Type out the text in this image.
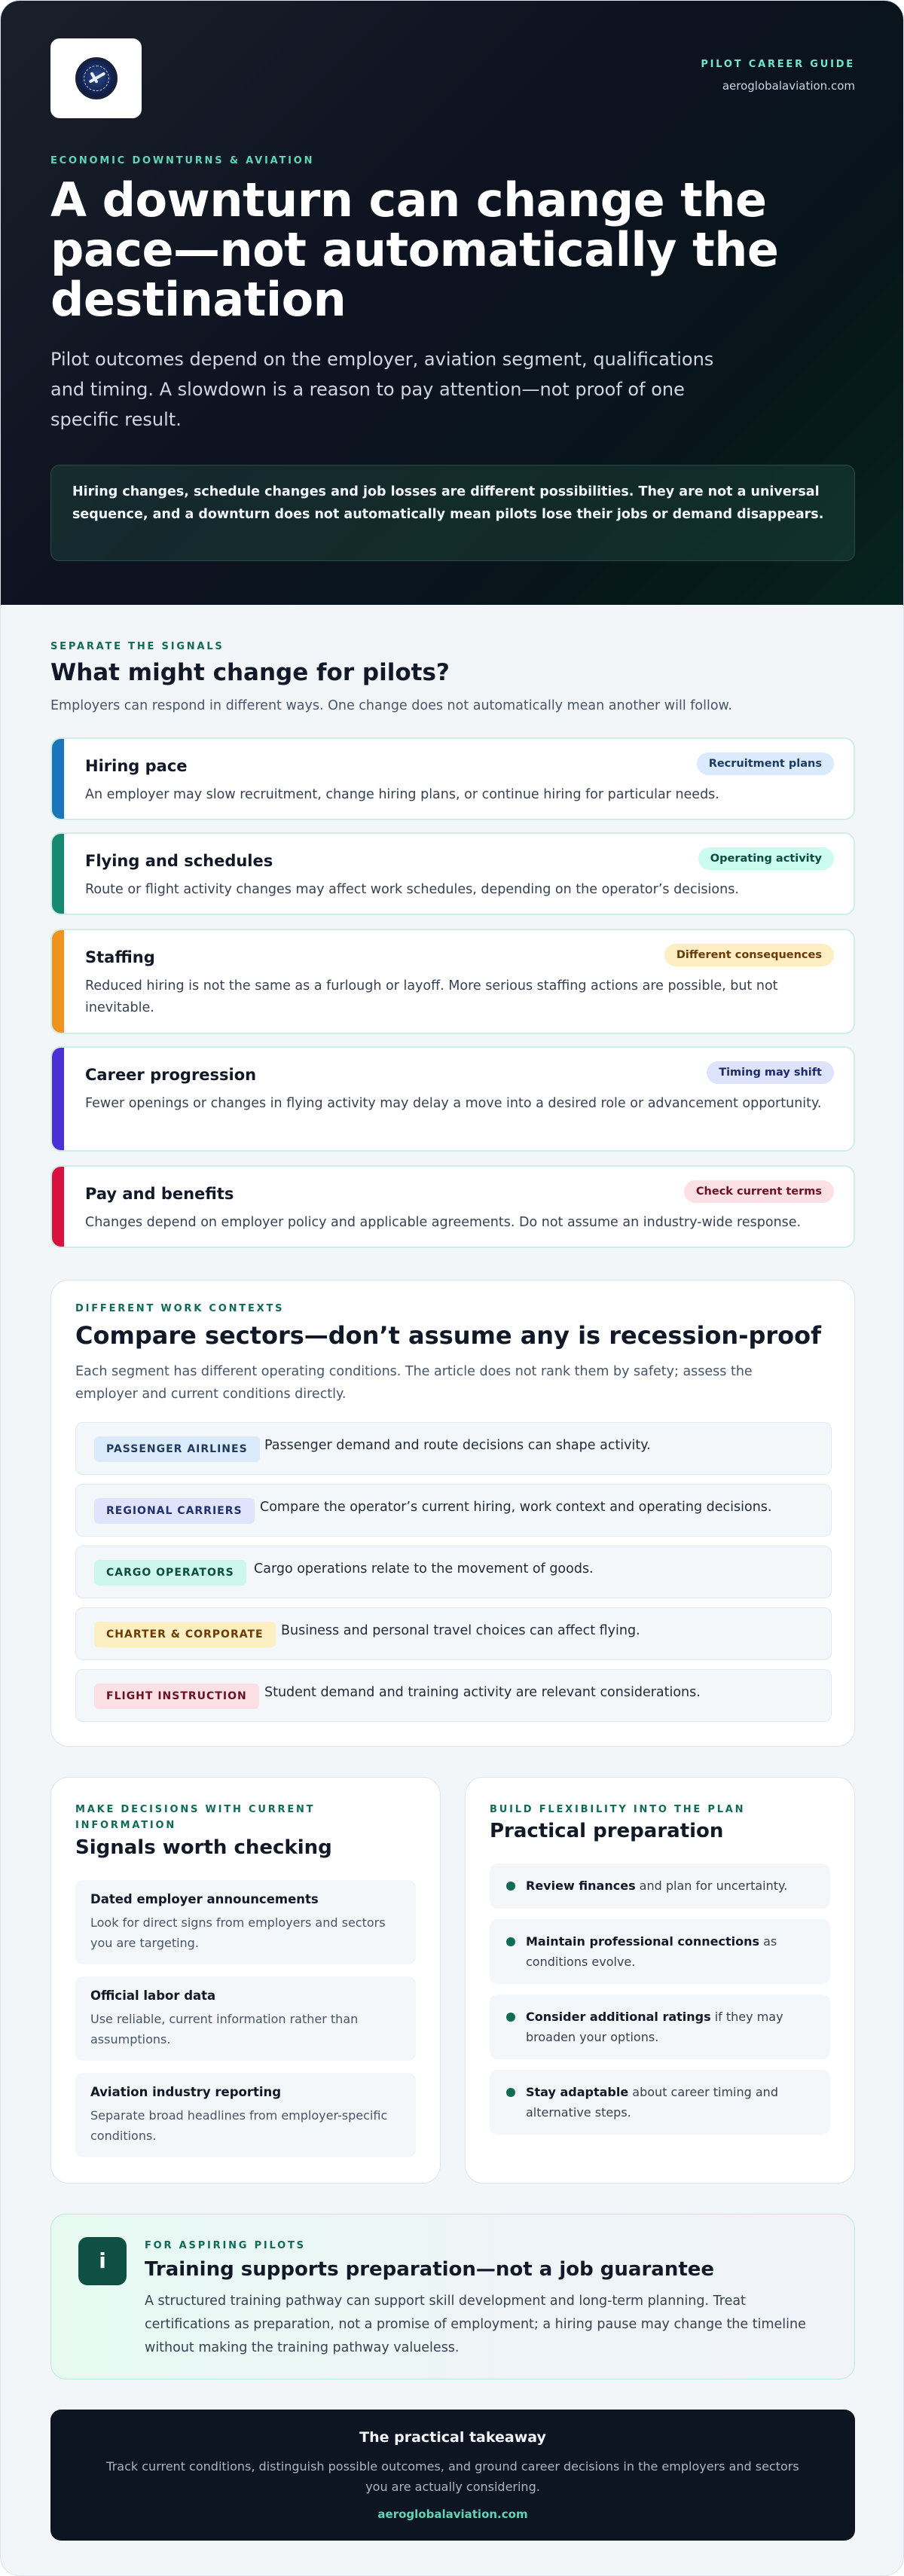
PILOT CAREER GUIDE
aeroglobalaviation.com
ECONOMIC DOWNTURNS & AVIATION
A downturn can change the pace—not automatically the destination

Pilot outcomes depend on the employer, aviation segment, qualifications and timing. A slowdown is a reason to pay attention—not proof of one specific result.

Hiring changes, schedule changes and job losses are different possibilities. They are not a universal sequence, and a downturn does not automatically mean pilots lose their jobs or demand disappears.
SEPARATE THE SIGNALS
What might change for pilots?

Employers can respond in different ways. One change does not automatically mean another will follow.

Hiring pace	Recruitment plans
An employer may slow recruitment, change hiring plans, or continue hiring for particular needs.
Flying and schedules	Operating activity
Route or flight activity changes may affect work schedules, depending on the operator’s decisions.
Staffing	Different consequences
Reduced hiring is not the same as a furlough or layoff. More serious staffing actions are possible, but not inevitable.
Career progression	Timing may shift
Fewer openings or changes in flying activity may delay a move into a desired role or advancement opportunity.
Pay and benefits	Check current terms
Changes depend on employer policy and applicable agreements. Do not assume an industry-wide response.
DIFFERENT WORK CONTEXTS
Compare sectors—don’t assume any is recession-proof

Each segment has different operating conditions. The article does not rank them by safety; assess the employer and current conditions directly.

PASSENGER AIRLINES	Passenger demand and route decisions can shape activity.
REGIONAL CARRIERS	Compare the operator’s current hiring, work context and operating decisions.
CARGO OPERATORS	Cargo operations relate to the movement of goods.
CHARTER & CORPORATE	Business and personal travel choices can affect flying.
FLIGHT INSTRUCTION	Student demand and training activity are relevant considerations.
MAKE DECISIONS WITH CURRENT INFORMATION
Signals worth checking
Dated employer announcements
Look for direct signs from employers and sectors you are targeting.
Official labor data
Use reliable, current information rather than assumptions.
Aviation industry reporting
Separate broad headlines from employer-specific conditions.
BUILD FLEXIBILITY INTO THE PLAN
Practical preparation
Review finances and plan for uncertainty.
Maintain professional connections as conditions evolve.
Consider additional ratings if they may broaden your options.
Stay adaptable about career timing and alternative steps.
i
FOR ASPIRING PILOTS
Training supports preparation—not a job guarantee

A structured training pathway can support skill development and long-term planning. Treat certifications as preparation, not a promise of employment; a hiring pause may change the timeline without making the training pathway valueless.

The practical takeaway
Track current conditions, distinguish possible outcomes, and ground career decisions in the employers and sectors you are actually considering.
aeroglobalaviation.com
